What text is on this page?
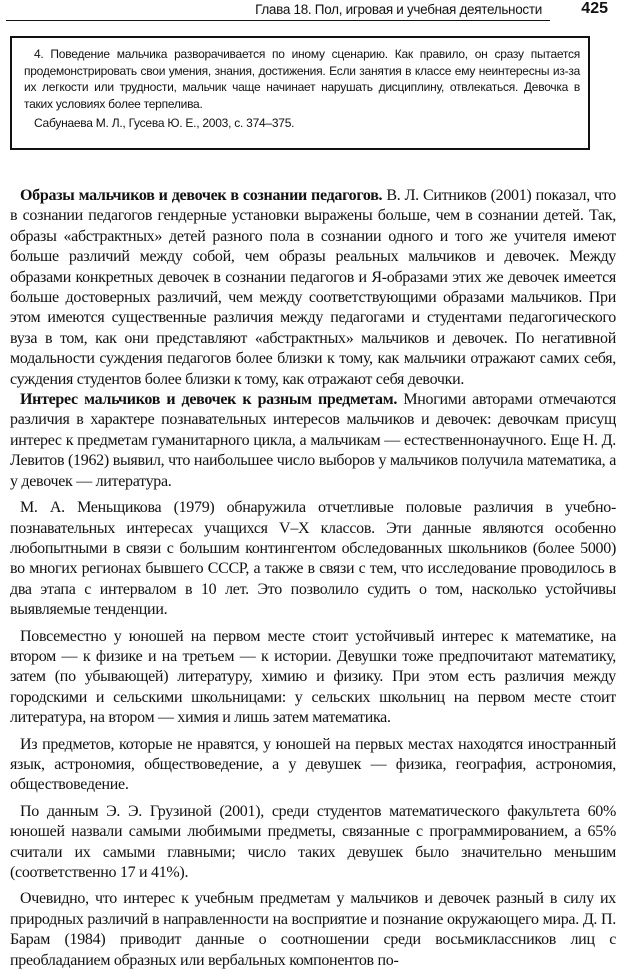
Глава 18. Пол, игровая и учебная деятельности 425

4. Поведение мальчика разворачивается по иному сценарию. Как правило, он сразу пытается продемонстрировать свои умения, знания, достижения. Если занятия в классе ему неинтересны из-за их легкости или трудности, мальчик чаще начинает нарушать дисциплину, отвлекаться. Девочка в таких условиях более терпелива.

Сабунаева М. Л., Гусева Ю. Е., 2003, с. 374–375.

Образы мальчиков и девочек в сознании педагогов. В. Л. Ситников (2001) показал, что в сознании педагогов гендерные установки выражены больше, чем в сознании детей. Так, образы «абстрактных» детей разного пола в сознании одного и того же учителя имеют больше различий между собой, чем образы реальных мальчиков и девочек. Между образами конкретных девочек в сознании педагогов и Я-образами этих же девочек имеется больше достоверных различий, чем между соответствующими образами мальчиков. При этом имеются существенные различия между педагогами и студентами педагогического вуза в том, как они представляют «абстрактных» мальчиков и девочек. По негативной модальности суждения педагогов более близки к тому, как мальчики отражают самих себя, суждения студентов более близки к тому, как отражают себя девочки.

Интерес мальчиков и девочек к разным предметам. Многими авторами отмечаются различия в характере познавательных интересов мальчиков и девочек: девочкам присущ интерес к предметам гуманитарного цикла, а мальчикам — естественнонаучного. Еще Н. Д. Левитов (1962) выявил, что наибольшее число выборов у мальчиков получила математика, а у девочек — литература.

М. А. Меньщикова (1979) обнаружила отчетливые половые различия в учебно-познавательных интересах учащихся V–X классов. Эти данные являются особенно любопытными в связи с большим контингентом обследованных школьников (более 5000) во многих регионах бывшего СССР, а также в связи с тем, что исследование проводилось в два этапа с интервалом в 10 лет. Это позволило судить о том, насколько устойчивы выявляемые тенденции.

Повсеместно у юношей на первом месте стоит устойчивый интерес к математике, на втором — к физике и на третьем — к истории. Девушки тоже предпочитают математику, затем (по убывающей) литературу, химию и физику. При этом есть различия между городскими и сельскими школьницами: у сельских школьниц на первом месте стоит литература, на втором — химия и лишь затем математика.

Из предметов, которые не нравятся, у юношей на первых местах находятся иностранный язык, астрономия, обществоведение, а у девушек — физика, география, астрономия, обществоведение.

По данным Э. Э. Грузиной (2001), среди студентов математического факультета 60% юношей назвали самыми любимыми предметы, связанные с программированием, а 65% считали их самыми главными; число таких девушек было значительно меньшим (соответственно 17 и 41%).

Очевидно, что интерес к учебным предметам у мальчиков и девочек разный в силу их природных различий в направленности на восприятие и познание окружающего мира. Д. П. Барам (1984) приводит данные о соотношении среди восьмиклассников лиц с преобладанием образных или вербальных компонентов по-
